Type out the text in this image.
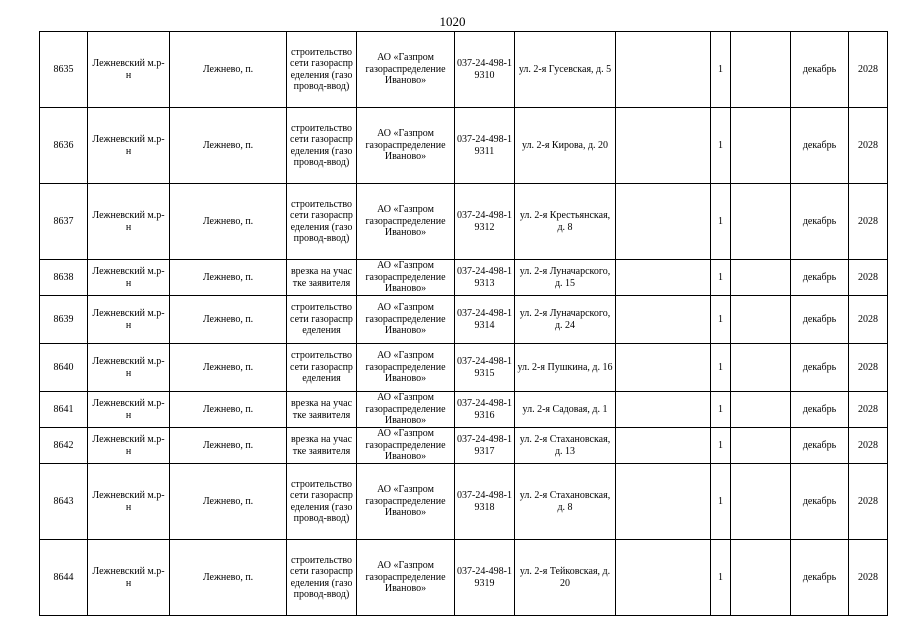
1020
8635	Лежневский м.р-н	Лежнево, п.	строительство сети газораспределения (газопровод-ввод)	АО «Газпром газораспределение Иваново»	037-24-498-19310	ул. 2-я Гусевская, д. 5		1		декабрь	2028
8636	Лежневский м.р-н	Лежнево, п.	строительство сети газораспределения (газопровод-ввод)	АО «Газпром газораспределение Иваново»	037-24-498-19311	ул. 2-я Кирова, д. 20		1		декабрь	2028
8637	Лежневский м.р-н	Лежнево, п.	строительство сети газораспределения (газопровод-ввод)	АО «Газпром газораспределение Иваново»	037-24-498-19312	ул. 2-я Крестьянская, д. 8		1		декабрь	2028
8638	Лежневский м.р-н	Лежнево, п.	врезка на участке заявителя	АО «Газпром газораспределение Иваново»	037-24-498-19313	ул. 2-я Луначарского, д. 15		1		декабрь	2028
8639	Лежневский м.р-н	Лежнево, п.	строительство сети газораспределения	АО «Газпром газораспределение Иваново»	037-24-498-19314	ул. 2-я Луначарского, д. 24		1		декабрь	2028
8640	Лежневский м.р-н	Лежнево, п.	строительство сети газораспределения	АО «Газпром газораспределение Иваново»	037-24-498-19315	ул. 2-я Пушкина, д. 16		1		декабрь	2028
8641	Лежневский м.р-н	Лежнево, п.	врезка на участке заявителя	АО «Газпром газораспределение Иваново»	037-24-498-19316	ул. 2-я Садовая, д. 1		1		декабрь	2028
8642	Лежневский м.р-н	Лежнево, п.	врезка на участке заявителя	АО «Газпром газораспределение Иваново»	037-24-498-19317	ул. 2-я Стахановская, д. 13		1		декабрь	2028
8643	Лежневский м.р-н	Лежнево, п.	строительство сети газораспределения (газопровод-ввод)	АО «Газпром газораспределение Иваново»	037-24-498-19318	ул. 2-я Стахановская, д. 8		1		декабрь	2028
8644	Лежневский м.р-н	Лежнево, п.	строительство сети газораспределения (газопровод-ввод)	АО «Газпром газораспределение Иваново»	037-24-498-19319	ул. 2-я Тейковская, д. 20		1		декабрь	2028
